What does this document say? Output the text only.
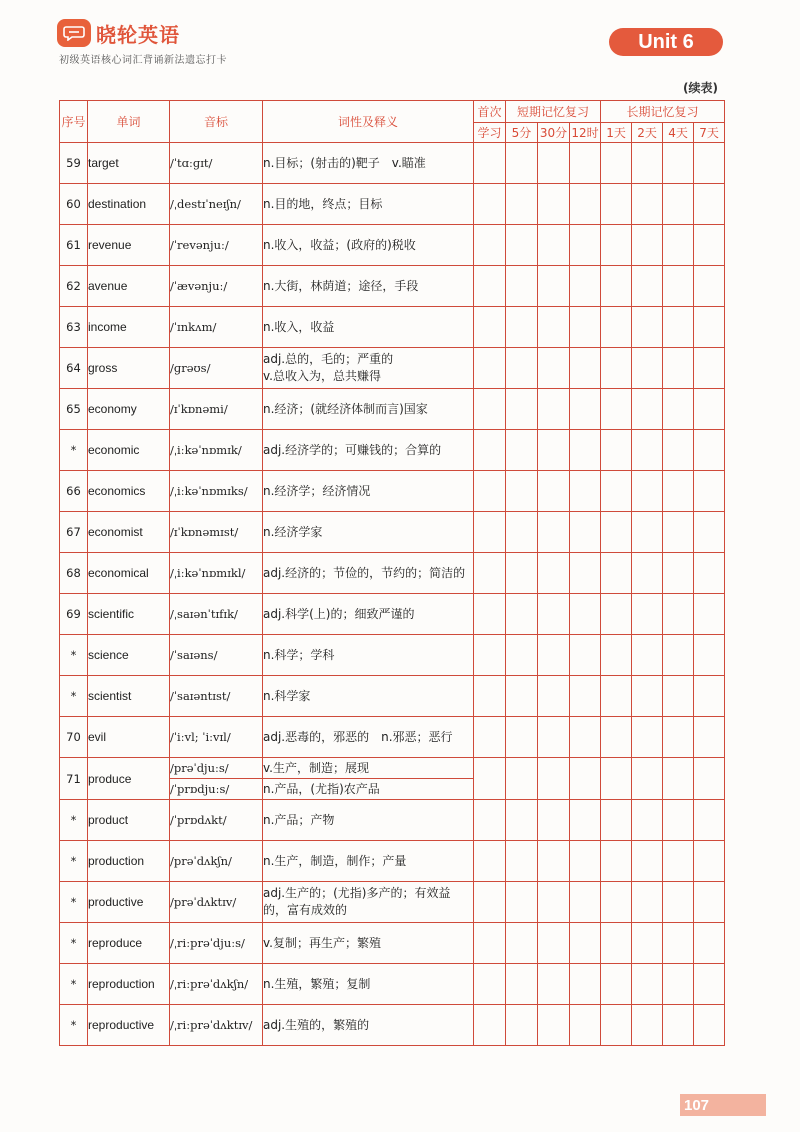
晓轮英语
初级英语核心词汇背诵新法遗忘打卡
Unit 6
(续表)
序号	单词	音标	词性及释义	首次	短期记忆复习			长期记忆复习			
				学习	5分	30分	12时	1天	2天	4天	7天
59	target	/ˈtɑːɡɪt/	n.目标；(射击的)靶子　v.瞄准								

60	destination	/ˌdestɪˈneɪʃn/	n.目的地，终点；目标								

61	revenue	/ˈrevənjuː/	n.收入，收益；(政府的)税收								

62	avenue	/ˈævənjuː/	n.大街，林荫道；途径，手段								

63	income	/ˈɪnkʌm/	n.收入，收益								

64	gross	/ɡrəʊs/	adj.总的，毛的；严重的
v.总收入为，总共赚得								

65	economy	/ɪˈkɒnəmi/	n.经济；(就经济体制而言)国家								

*	economic	/ˌiːkəˈnɒmɪk/	adj.经济学的；可赚钱的；合算的								

66	economics	/ˌiːkəˈnɒmɪks/	n.经济学；经济情况								

67	economist	/ɪˈkɒnəmɪst/	n.经济学家								

68	economical	/ˌiːkəˈnɒmɪkl/	adj.经济的；节俭的，节约的；简洁的								

69	scientific	/ˌsaɪənˈtɪfɪk/	adj.科学(上)的；细致严谨的								

*	science	/ˈsaɪəns/	n.科学；学科								

*	scientist	/ˈsaɪəntɪst/	n.科学家								

70	evil	/ˈiːvl; ˈiːvɪl/	adj.恶毒的，邪恶的　n.邪恶；恶行								

71	produce	/prəˈdjuːs/	v.生产，制造；展现								
		/ˈprɒdjuːs/	n.产品，(尤指)农产品								
*	product	/ˈprɒdʌkt/	n.产品；产物								

*	production	/prəˈdʌkʃn/	n.生产，制造，制作；产量								

*	productive	/prəˈdʌktɪv/	adj.生产的；(尤指)多产的；有效益的，富有成效的								

*	reproduce	/ˌriːprəˈdjuːs/	v.复制；再生产；繁殖								

*	reproduction	/ˌriːprəˈdʌkʃn/	n.生殖，繁殖；复制								

*	reproductive	/ˌriːprəˈdʌktɪv/	adj.生殖的，繁殖的								

107
